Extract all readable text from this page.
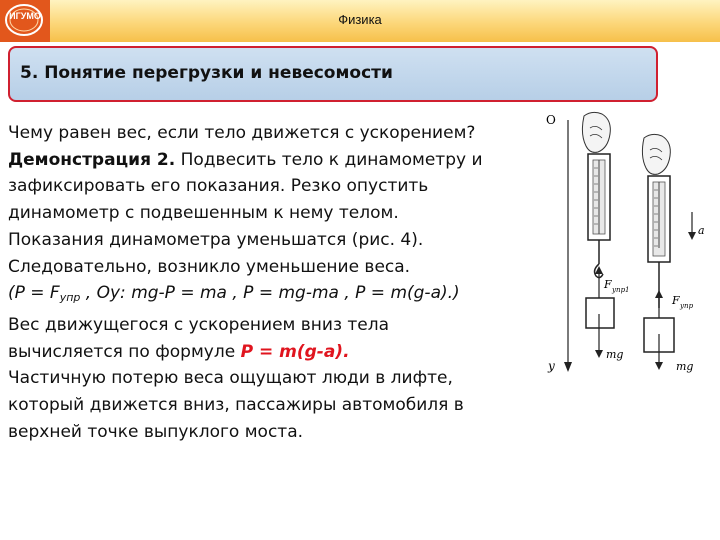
ИГУМО	Физика
5. Понятие перегрузки и невесомости
Чему равен вес, если тело движется с ускорением?
Демонстрация 2. Подвесить тело к динамометру и
зафиксировать его показания. Резко опустить
динамометр с подвешенным к нему телом.
Показания динамометра уменьшатся (рис. 4).
Следовательно, возникло уменьшение веса.
($P = F_{упр}$ , Oy: mg-P = ma , P = mg-ma , P = m(g-a).)
Вес движущегося с ускорением вниз тела
вычисляется по формуле P = m(g-a).
Частичную потерю веса ощущают люди в лифте,
который движется вниз, пассажиры автомобиля в
верхней точке выпуклого моста.
O
y
F упр1
mg
a
F упр
mg
